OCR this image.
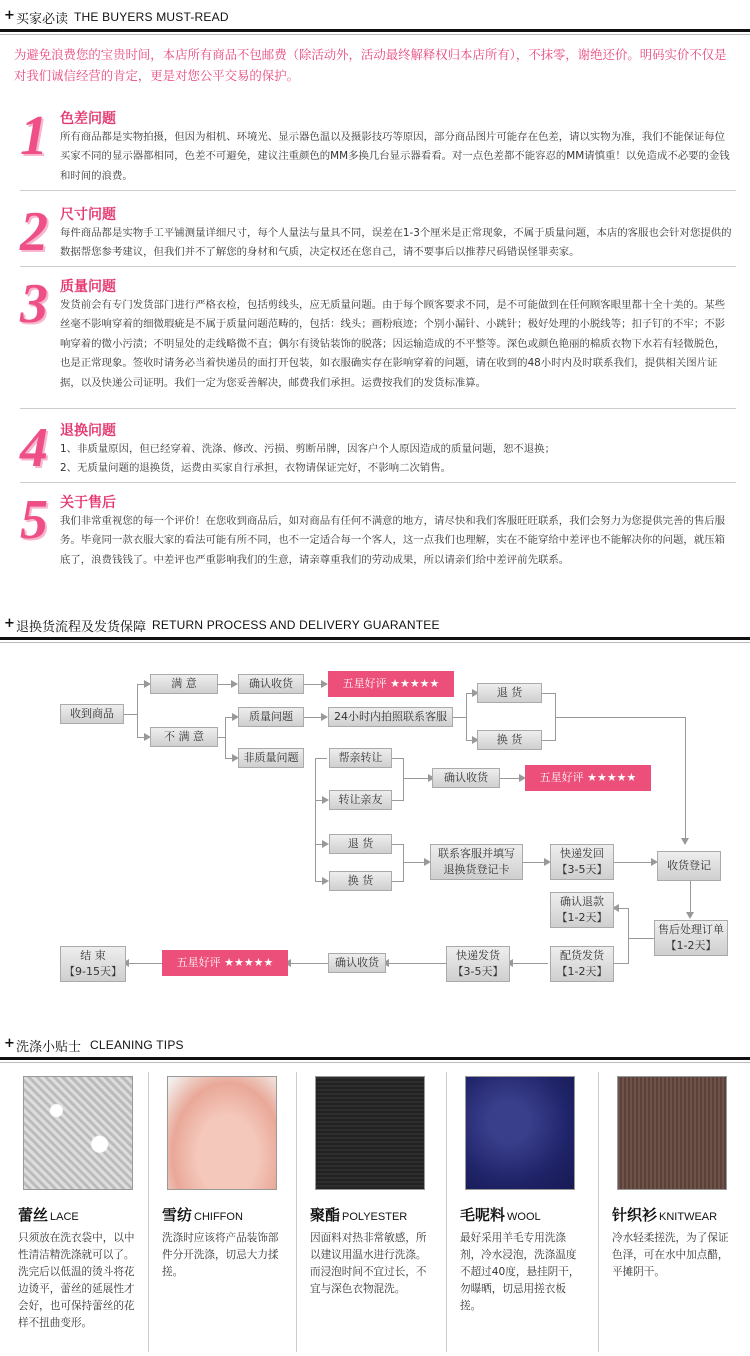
+ 买家必读 THE BUYERS MUST-READ
为避免浪费您的宝贵时间，本店所有商品不包邮费（除活动外，活动最终解释权归本店所有），不抹零，谢绝还价。明码实价不仅是对我们诚信经营的肯定，更是对您公平交易的保护。
1 色差问题
所有商品都是实物拍摄，但因为相机、环境光、显示器色温以及摄影技巧等原因，部分商品图片可能存在色差，请以实物为准，我们不能保证每位买家不同的显示器都相同，色差不可避免，建议注重颜色的MM多换几台显示器看看。对一点色差都不能容忍的MM请慎重！以免造成不必要的金钱和时间的浪费。
2 尺寸问题
每件商品都是实物手工平铺测量详细尺寸，每个人量法与量具不同，误差在1-3个厘米是正常现象，不属于质量问题，本店的客服也会针对您提供的数据帮您参考建议，但我们并不了解您的身材和气质，决定权还在您自己，请不要事后以推荐尺码错误怪罪卖家。
3 质量问题
发货前会有专门发货部门进行严格衣检，包括剪线头，应无质量问题。由于每个顾客要求不同，是不可能做到在任何顾客眼里都十全十美的。某些丝毫不影响穿着的细微瑕疵是不属于质量问题范畴的，包括：线头；画粉痕迹；个别小漏针、小跳针；极好处理的小脱线等；扣子钉的不牢；不影响穿着的微小污渍；不明显处的走线略微不直；偶尔有烫钻装饰的脱落；因运输造成的不平整等。深色或颜色艳丽的棉质衣物下水若有轻微脱色，也是正常现象。签收时请务必当着快递员的面打开包装，如衣服确实存在影响穿着的问题，请在收到的48小时内及时联系我们，提供相关图片证据，以及快递公司证明。我们一定为您妥善解决，邮费我们承担。运费按我们的发货标准算。
4 退换问题
1、非质量原因，但已经穿着、洗涤、修改、污损、剪断吊牌，因客户个人原因造成的质量问题，恕不退换；
2、无质量问题的退换货，运费由买家自行承担，衣物请保证完好，不影响二次销售。
5 关于售后
我们非常重视您的每一个评价！在您收到商品后，如对商品有任何不满意的地方，请尽快和我们客服旺旺联系，我们会努力为您提供完善的售后服务。毕竟同一款衣服大家的看法可能有所不同，也不一定适合每一个客人，这一点我们也理解，实在不能穿给中差评也不能解决你的问题，就压箱底了，浪费钱钱了。中差评也严重影响我们的生意，请亲尊重我们的劳动成果，所以请亲们给中差评前先联系。
+ 退换货流程及发货保障 RETURN PROCESS AND DELIVERY GUARANTEE
收到商品
满 意
不 满 意
确认收货	五星好评 ★★★★★
质量问题	24小时内拍照联系客服
退 货
换 货
非质量问题	帮亲转让
转让亲友
确认收货	五星好评 ★★★★★
退 货
换 货
联系客服并填写
退换货登记卡
快递发回
【3-5天】	收货登记
确认退款
【1-2天】
售后处理订单
【1-2天】
配货发货
【1-2天】
快递发货
【3-5天】
确认收货
五星好评 ★★★★★
结 束
【9-15天】
+ 洗涤小贴士 CLEANING TIPS
蕾丝 LACE
只须放在洗衣袋中，以中性清洁精洗涤就可以了。洗完后以低温的烫斗将花边烫平，蕾丝的延展性才会好，也可保持蕾丝的花样不扭曲变形。
雪纺 CHIFFON
洗涤时应该将产品装饰部件分开洗涤，切忌大力揉搓。
聚酯 POLYESTER
因面料对热非常敏感，所以建议用温水进行洗涤。而浸泡时间不宜过长，不宜与深色衣物混洗。
毛呢料 WOOL
最好采用羊毛专用洗涤剂，冷水浸泡，洗涤温度不超过40度，悬挂阴干，勿曝晒，切忌用搓衣板搓。
针织衫 KNITWEAR
冷水轻柔搓洗，为了保证色泽，可在水中加点醋，平摊阴干。
